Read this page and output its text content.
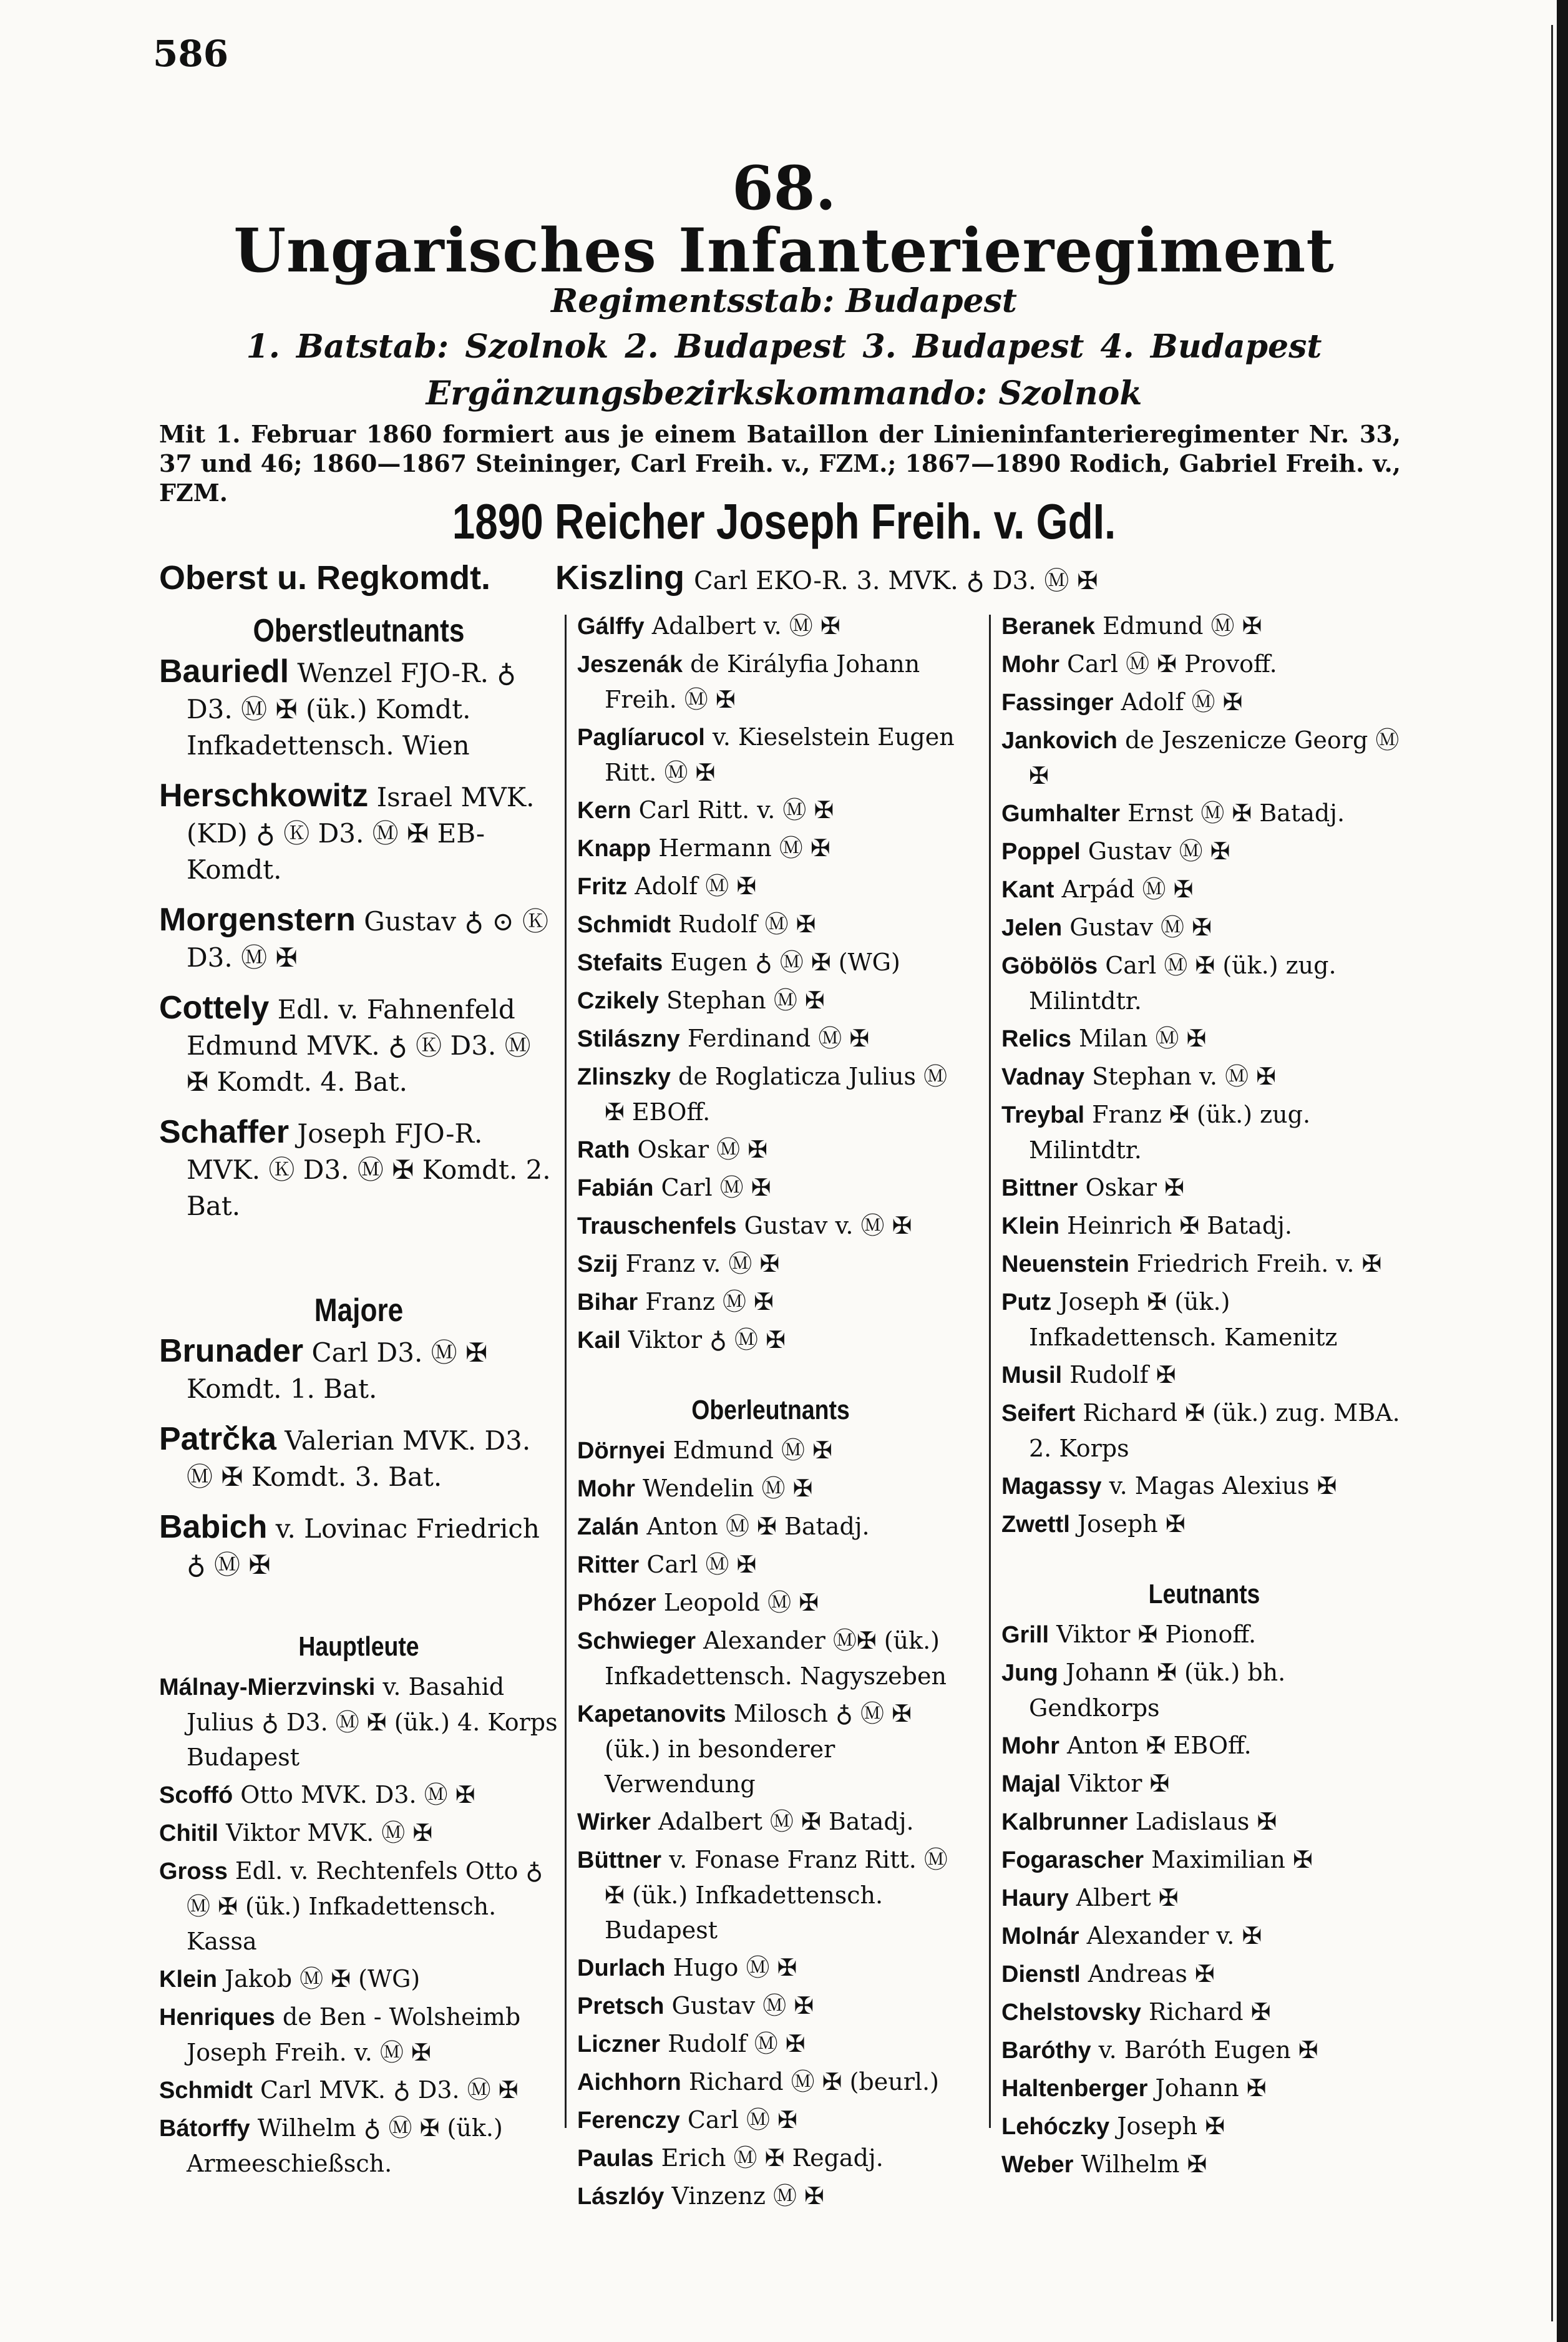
586
68.
Ungarisches Infanterieregiment
Regimentsstab: Budapest
1. Batstab: Szolnok 2. Budapest 3. Budapest 4. Budapest
Ergänzungsbezirkskommando: Szolnok
Mit 1. Februar 1860 formiert aus je einem Bataillon der Linieninfanterieregimenter Nr. 33, 37 und 46; 1860—1867 Steininger, Carl Freih. v., FZM.; 1867—1890 Rodich, Gabriel Freih. v., FZM.
1890 Reicher Joseph Freih. v. GdI.
Oberst u. Regkomdt. Kiszling Carl EKO-R. 3. MVK. ♁ D3. Ⓜ ✠
Oberstleutnants
Bauriedl Wenzel FJO-R. ♁ D3. Ⓜ ✠ (ük.) Komdt. Infkadettensch. Wien
Herschkowitz Israel MVK. (KD) ♁ Ⓚ D3. Ⓜ ✠ EB-Komdt.
Morgenstern Gustav ♁ ⊙ Ⓚ D3. Ⓜ ✠
Cottely Edl. v. Fahnenfeld Edmund MVK. ♁ Ⓚ D3. Ⓜ ✠ Komdt. 4. Bat.
Schaffer Joseph FJO-R. MVK. Ⓚ D3. Ⓜ ✠ Komdt. 2. Bat.
Majore
Brunader Carl D3. Ⓜ ✠ Komdt. 1. Bat.
Patrčka Valerian MVK. D3. Ⓜ ✠ Komdt. 3. Bat.
Babich v. Lovinac Friedrich ♁ Ⓜ ✠
Hauptleute
Málnay-Mierzvinski v. Basahid Julius ♁ D3. Ⓜ ✠ (ük.) 4. Korps Budapest
Scoffó Otto MVK. D3. Ⓜ ✠
Chitil Viktor MVK. Ⓜ ✠
Gross Edl. v. Rechtenfels Otto ♁ Ⓜ ✠ (ük.) Infkadettensch. Kassa
Klein Jakob Ⓜ ✠ (WG)
Henriques de Ben - Wolsheimb Joseph Freih. v. Ⓜ ✠
Schmidt Carl MVK. ♁ D3. Ⓜ ✠
Bátorffy Wilhelm ♁ Ⓜ ✠ (ük.) Armeeschießsch.
Gálffy Adalbert v. Ⓜ ✠
Jeszenák de Királyfia Johann Freih. Ⓜ ✠
Paglíarucol v. Kieselstein Eugen Ritt. Ⓜ ✠
Kern Carl Ritt. v. Ⓜ ✠
Knapp Hermann Ⓜ ✠
Fritz Adolf Ⓜ ✠
Schmidt Rudolf Ⓜ ✠
Stefaits Eugen ♁ Ⓜ ✠ (WG)
Czikely Stephan Ⓜ ✠
Stilászny Ferdinand Ⓜ ✠
Zlinszky de Roglaticza Julius Ⓜ ✠ EBOff.
Rath Oskar Ⓜ ✠
Fabián Carl Ⓜ ✠
Trauschenfels Gustav v. Ⓜ ✠
Szij Franz v. Ⓜ ✠
Bihar Franz Ⓜ ✠
Kail Viktor ♁ Ⓜ ✠
Oberleutnants
Dörnyei Edmund Ⓜ ✠
Mohr Wendelin Ⓜ ✠
Zalán Anton Ⓜ ✠ Batadj.
Ritter Carl Ⓜ ✠
Phózer Leopold Ⓜ ✠
Schwieger Alexander Ⓜ✠ (ük.) Infkadettensch. Nagyszeben
Kapetanovits Milosch ♁ Ⓜ ✠ (ük.) in besonderer Verwendung
Wirker Adalbert Ⓜ ✠ Batadj.
Büttner v. Fonase Franz Ritt. Ⓜ ✠ (ük.) Infkadettensch. Budapest
Durlach Hugo Ⓜ ✠
Pretsch Gustav Ⓜ ✠
Liczner Rudolf Ⓜ ✠
Aichhorn Richard Ⓜ ✠ (beurl.)
Ferenczy Carl Ⓜ ✠
Paulas Erich Ⓜ ✠ Regadj.
Lászlóy Vinzenz Ⓜ ✠
Beranek Edmund Ⓜ ✠
Mohr Carl Ⓜ ✠ Provoff.
Fassinger Adolf Ⓜ ✠
Jankovich de Jeszenicze Georg Ⓜ ✠
Gumhalter Ernst Ⓜ ✠ Batadj.
Poppel Gustav Ⓜ ✠
Kant Arpád Ⓜ ✠
Jelen Gustav Ⓜ ✠
Göbölös Carl Ⓜ ✠ (ük.) zug. Milintdtr.
Relics Milan Ⓜ ✠
Vadnay Stephan v. Ⓜ ✠
Treybal Franz ✠ (ük.) zug. Milintdtr.
Bittner Oskar ✠
Klein Heinrich ✠ Batadj.
Neuenstein Friedrich Freih. v. ✠
Putz Joseph ✠ (ük.) Infkadettensch. Kamenitz
Musil Rudolf ✠
Seifert Richard ✠ (ük.) zug. MBA. 2. Korps
Magassy v. Magas Alexius ✠
Zwettl Joseph ✠
Leutnants
Grill Viktor ✠ Pionoff.
Jung Johann ✠ (ük.) bh. Gendkorps
Mohr Anton ✠ EBOff.
Majal Viktor ✠
Kalbrunner Ladislaus ✠
Fogarascher Maximilian ✠
Haury Albert ✠
Molnár Alexander v. ✠
Dienstl Andreas ✠
Chelstovsky Richard ✠
Baróthy v. Baróth Eugen ✠
Haltenberger Johann ✠
Lehóczky Joseph ✠
Weber Wilhelm ✠
